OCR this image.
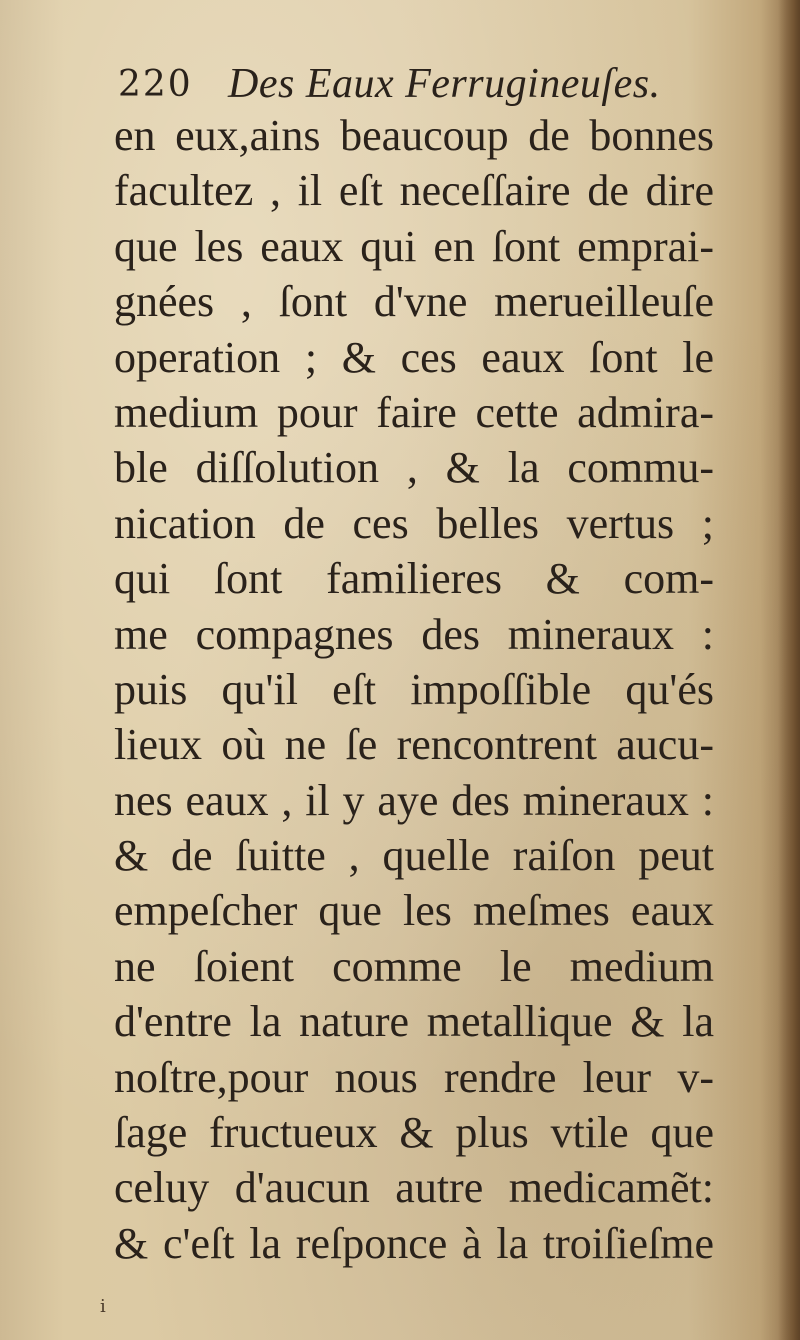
220 Des Eaux Ferrugineuſes.
en eux,ains beaucoup de bonnes
facultez , il eſt neceſſaire de dire
que les eaux qui en ſont emprai-
gnées , ſont d'vne merueilleuſe
operation ; & ces eaux ſont le
medium pour faire cette admira-
ble diſſolution , & la commu-
nication de ces belles vertus ;
qui ſont familieres & com-
me compagnes des mineraux :
puis qu'il eſt impoſſible qu'és
lieux où ne ſe rencontrent aucu-
nes eaux , il y aye des mineraux :
& de ſuitte , quelle raiſon peut
empeſcher que les meſmes eaux
ne ſoient comme le medium
d'entre la nature metallique & la
noſtre,pour nous rendre leur v-
ſage fructueux & plus vtile que
celuy d'aucun autre medicamẽt:
& c'eſt la reſponce à la troiſieſme
ⅰ
